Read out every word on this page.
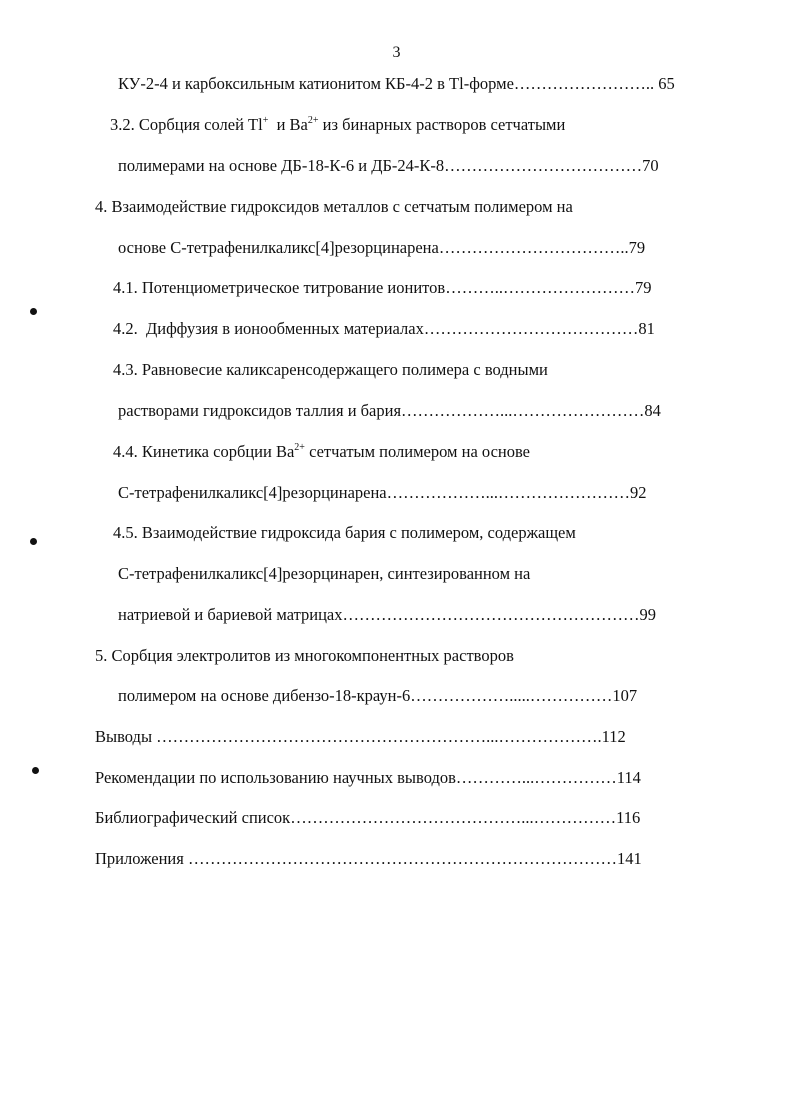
3
КУ-2-4 и карбоксильным катионитом КБ-4-2 в Tl-форме…………………….. 65
3.2. Сорбция солей Tl+  и $Ba^{2+}$ из бинарных растворов сетчатыми
полимерами на основе ДБ-18-К-6 и ДБ-24-К-8………………………………70
4. Взаимодействие гидроксидов металлов с сетчатым полимером на
основе С-тетрафенилкаликс[4]резорцинарена……………………………..79
4.1. Потенциометрическое титрование ионитов………..……………………79
4.2.  Диффузия в ионообменных материалах…………………………………81
4.3. Равновесие каликсаренсодержащего полимера с водными
растворами гидроксидов таллия и бария………………...……………………84
4.4. Кинетика сорбции $Ba^{2+}$ сетчатым полимером на основе
С-тетрафенилкаликс[4]резорцинарена………………...……………………92
4.5. Взаимодействие гидроксида бария с полимером, содержащем
С-тетрафенилкаликс[4]резорцинарен, синтезированном на
натриевой и бариевой матрицах………………………………………………99
5. Сорбция электролитов из многокомпонентных растворов
полимером на основе дибензо-18-краун-6……………….....……………107
Выводы ……………………………………………………...……………….112
Рекомендации по использованию научных выводов…………...……………114
Библиографический список……………………………………...……………116
Приложения ……………………………………………………………………141
